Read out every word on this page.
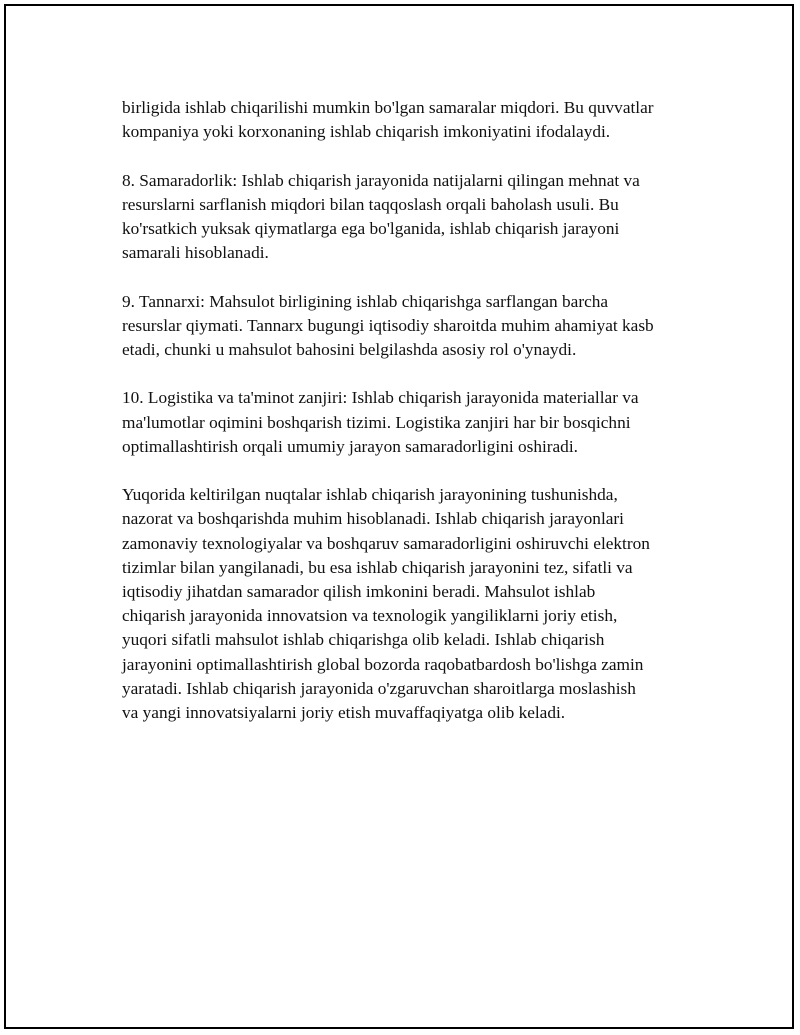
birligida ishlab chiqarilishi mumkin bo'lgan samaralar miqdori. Bu quvvatlar
kompaniya yoki korxonaning ishlab chiqarish imkoniyatini ifodalaydi.

8. Samaradorlik: Ishlab chiqarish jarayonida natijalarni qilingan mehnat va
resurslarni sarflanish miqdori bilan taqqoslash orqali baholash usuli. Bu
ko'rsatkich yuksak qiymatlarga ega bo'lganida, ishlab chiqarish jarayoni
samarali hisoblanadi.

9. Tannarxi: Mahsulot birligining ishlab chiqarishga sarflangan barcha
resurslar qiymati. Tannarx bugungi iqtisodiy sharoitda muhim ahamiyat kasb
etadi, chunki u mahsulot bahosini belgilashda asosiy rol o'ynaydi.

10. Logistika va ta'minot zanjiri: Ishlab chiqarish jarayonida materiallar va
ma'lumotlar oqimini boshqarish tizimi. Logistika zanjiri har bir bosqichni
optimallashtirish orqali umumiy jarayon samaradorligini oshiradi.

Yuqorida keltirilgan nuqtalar ishlab chiqarish jarayonining tushunishda,
nazorat va boshqarishda muhim hisoblanadi. Ishlab chiqarish jarayonlari
zamonaviy texnologiyalar va boshqaruv samaradorligini oshiruvchi elektron
tizimlar bilan yangilanadi, bu esa ishlab chiqarish jarayonini tez, sifatli va
iqtisodiy jihatdan samarador qilish imkonini beradi. Mahsulot ishlab
chiqarish jarayonida innovatsion va texnologik yangiliklarni joriy etish,
yuqori sifatli mahsulot ishlab chiqarishga olib keladi. Ishlab chiqarish
jarayonini optimallashtirish global bozorda raqobatbardosh bo'lishga zamin
yaratadi. Ishlab chiqarish jarayonida o'zgaruvchan sharoitlarga moslashish
va yangi innovatsiyalarni joriy etish muvaffaqiyatga olib keladi.
